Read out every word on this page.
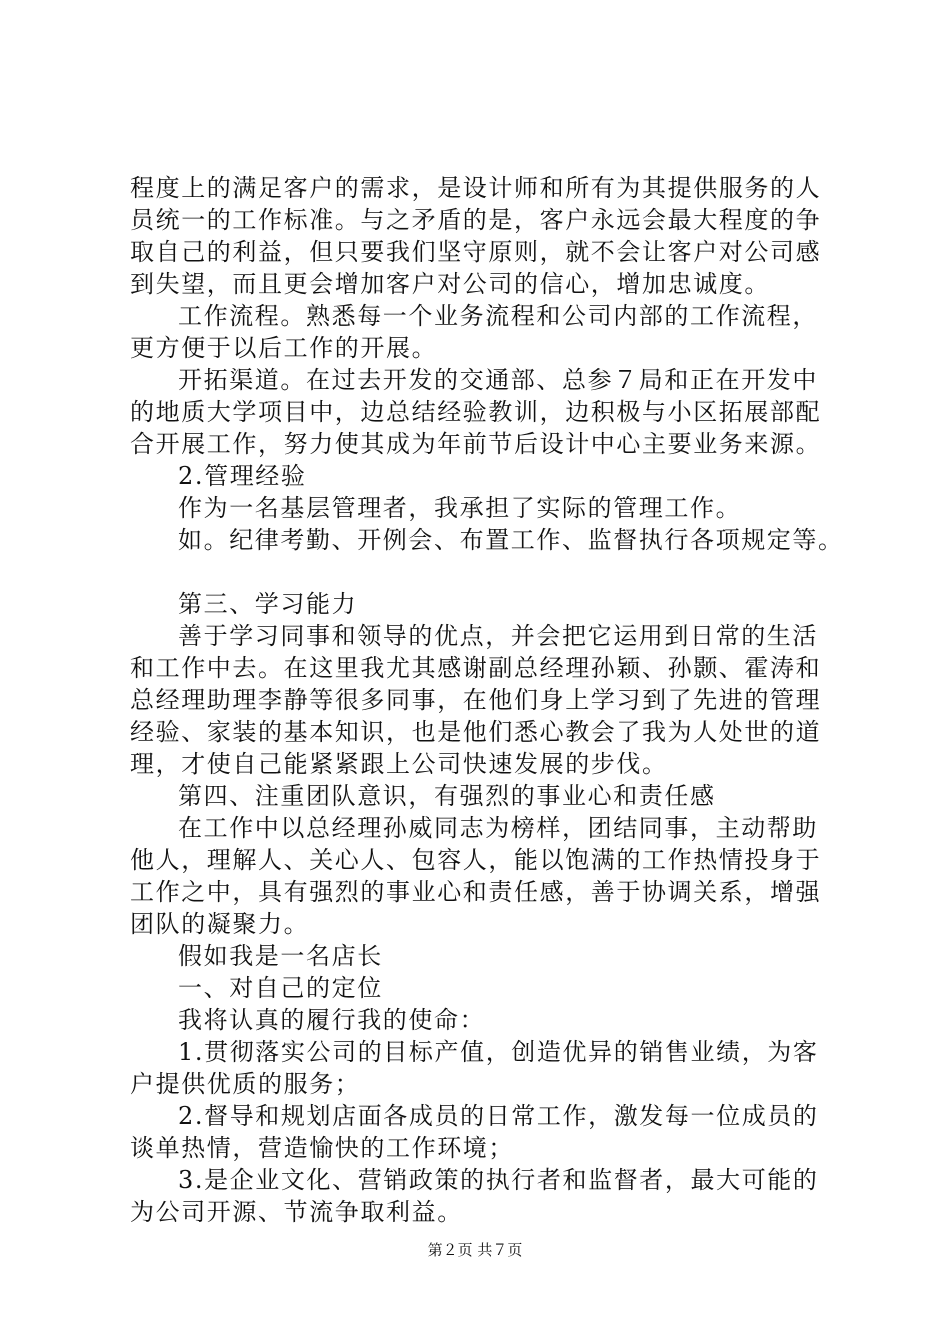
程度上的满足客户的需求，是设计师和所有为其提供服务的人
员统一的工作标准。与之矛盾的是，客户永远会最大程度的争
取自己的利益，但只要我们坚守原则，就不会让客户对公司感
到失望，而且更会增加客户对公司的信心，增加忠诚度。
工作流程。熟悉每一个业务流程和公司内部的工作流程，
更方便于以后工作的开展。
开拓渠道。在过去开发的交通部、总参７局和正在开发中
的地质大学项目中，边总结经验教训，边积极与小区拓展部配
合开展工作，努力使其成为年前节后设计中心主要业务来源。
2.管理经验
作为一名基层管理者，我承担了实际的管理工作。
如。纪律考勤、开例会、布置工作、监督执行各项规定等。
第三、学习能力
善于学习同事和领导的优点，并会把它运用到日常的生活
和工作中去。在这里我尤其感谢副总经理孙颖、孙颢、霍涛和
总经理助理李静等很多同事，在他们身上学习到了先进的管理
经验、家装的基本知识，也是他们悉心教会了我为人处世的道
理，才使自己能紧紧跟上公司快速发展的步伐。
第四、注重团队意识，有强烈的事业心和责任感
在工作中以总经理孙威同志为榜样，团结同事，主动帮助
他人，理解人、关心人、包容人，能以饱满的工作热情投身于
工作之中，具有强烈的事业心和责任感，善于协调关系，增强
团队的凝聚力。
假如我是一名店长
一、对自己的定位
我将认真的履行我的使命：
1.贯彻落实公司的目标产值，创造优异的销售业绩，为客
户提供优质的服务；
2.督导和规划店面各成员的日常工作，激发每一位成员的
谈单热情，营造愉快的工作环境；
3.是企业文化、营销政策的执行者和监督者，最大可能的
为公司开源、节流争取利益。
第２页 共７页
